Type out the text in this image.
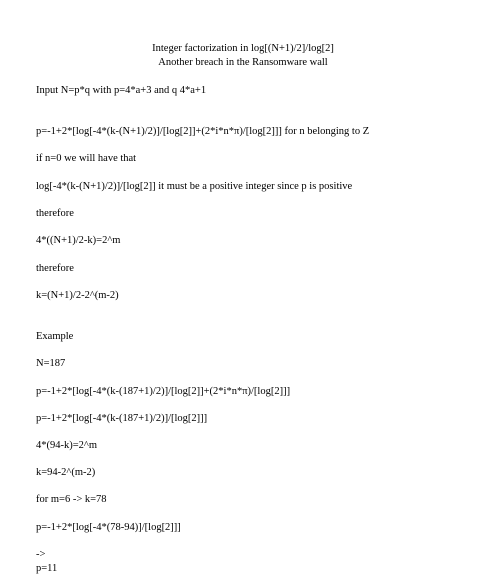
Integer factorization in log[(N+1)/2]/log[2]
Another breach in the Ransomware wall
Input N=p*q with p=4*a+3 and q 4*a+1
p=-1+2*[log[-4*(k-(N+1)/2)]/[log[2]]+(2*i*n*π)/[log[2]]] for n belonging to Z
if n=0 we will have that
log[-4*(k-(N+1)/2)]/[log[2]] it must be a positive integer since p is positive
therefore
4*((N+1)/2-k)=2^m
therefore
k=(N+1)/2-2^(m-2)
Example
N=187
p=-1+2*[log[-4*(k-(187+1)/2)]/[log[2]]+(2*i*n*π)/[log[2]]]
p=-1+2*[log[-4*(k-(187+1)/2)]/[log[2]]]
4*(94-k)=2^m
k=94-2^(m-2)
for m=6 -> k=78
p=-1+2*[log[-4*(78-94)]/[log[2]]]
->
p=11
